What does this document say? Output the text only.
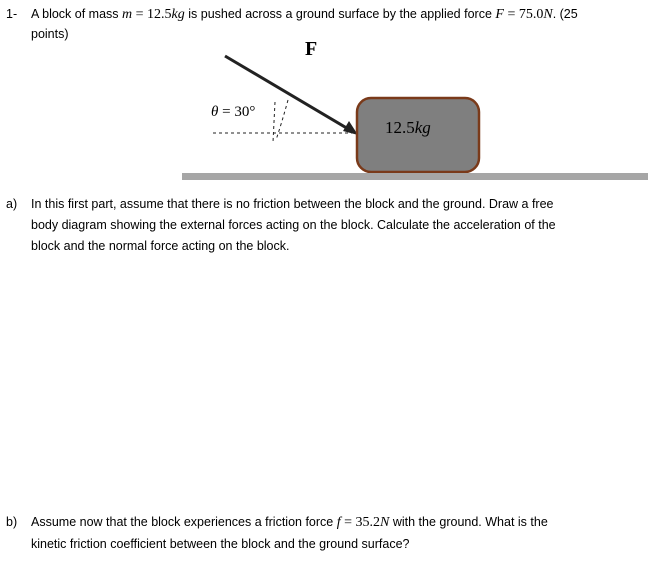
1- A block of mass m = 12.5kg is pushed across a ground surface by the applied force F = 75.0N. (25
points)
F
θ = 30°
12.5kg
a) In this first part, assume that there is no friction between the block and the ground. Draw a free
body diagram showing the external forces acting on the block. Calculate the acceleration of the
block and the normal force acting on the block.
b) Assume now that the block experiences a friction force f = 35.2N with the ground. What is the
kinetic friction coefficient between the block and the ground surface?
